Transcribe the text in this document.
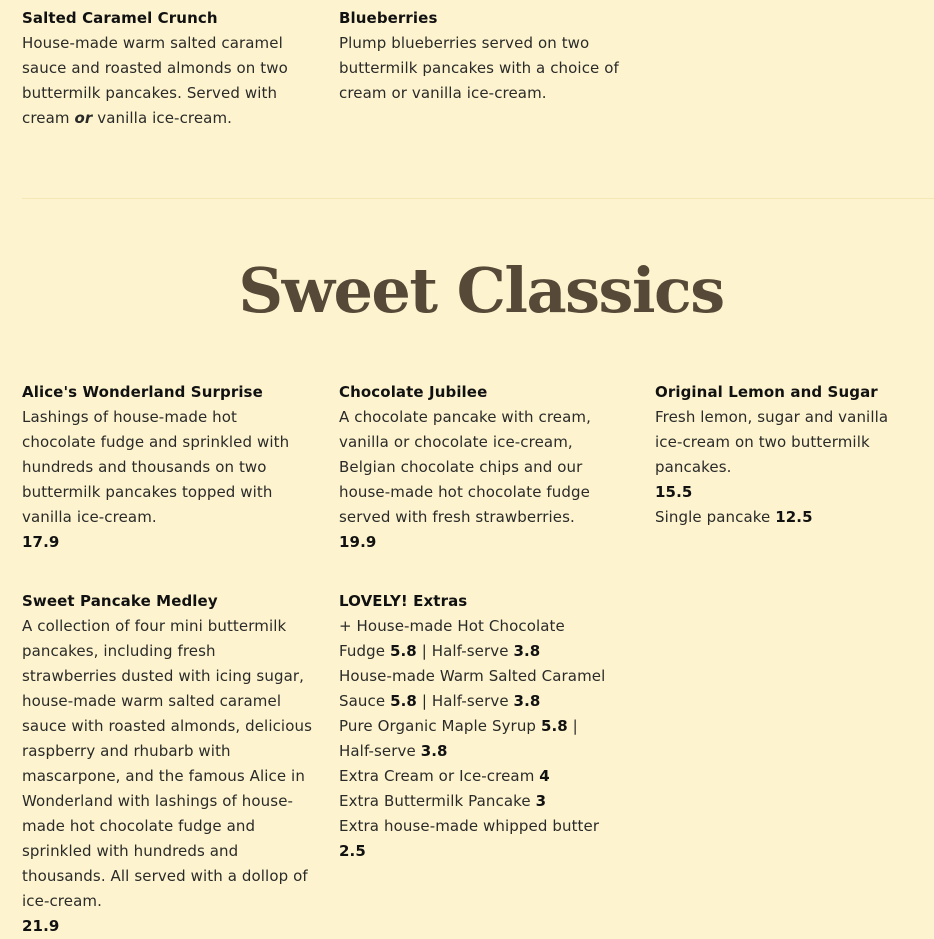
Salted Caramel Crunch
House-made warm salted caramel sauce and roasted almonds on two buttermilk pancakes. Served with cream or vanilla ice-cream.
Blueberries
Plump blueberries served on two buttermilk pancakes with a choice of cream or vanilla ice-cream.
Sweet Classics
Alice's Wonderland Surprise
Lashings of house-made hot chocolate fudge and sprinkled with hundreds and thousands on two buttermilk pancakes topped with vanilla ice-cream.
17.9
Chocolate Jubilee
A chocolate pancake with cream, vanilla or chocolate ice-cream, Belgian chocolate chips and our house-made hot chocolate fudge served with fresh strawberries.
19.9
Original Lemon and Sugar
Fresh lemon, sugar and vanilla ice-cream on two buttermilk pancakes.
15.5
Single pancake 12.5
Sweet Pancake Medley
A collection of four mini buttermilk pancakes, including fresh strawberries dusted with icing sugar, house-made warm salted caramel sauce with roasted almonds, delicious raspberry and rhubarb with mascarpone, and the famous Alice in Wonderland with lashings of house-made hot chocolate fudge and sprinkled with hundreds and thousands. All served with a dollop of ice-cream.
21.9
LOVELY! Extras
+ House-made Hot Chocolate Fudge 5.8 | Half-serve 3.8
House-made Warm Salted Caramel Sauce 5.8 | Half-serve 3.8
Pure Organic Maple Syrup 5.8 | Half-serve 3.8
Extra Cream or Ice-cream 4
Extra Buttermilk Pancake 3
Extra house-made whipped butter 2.5
